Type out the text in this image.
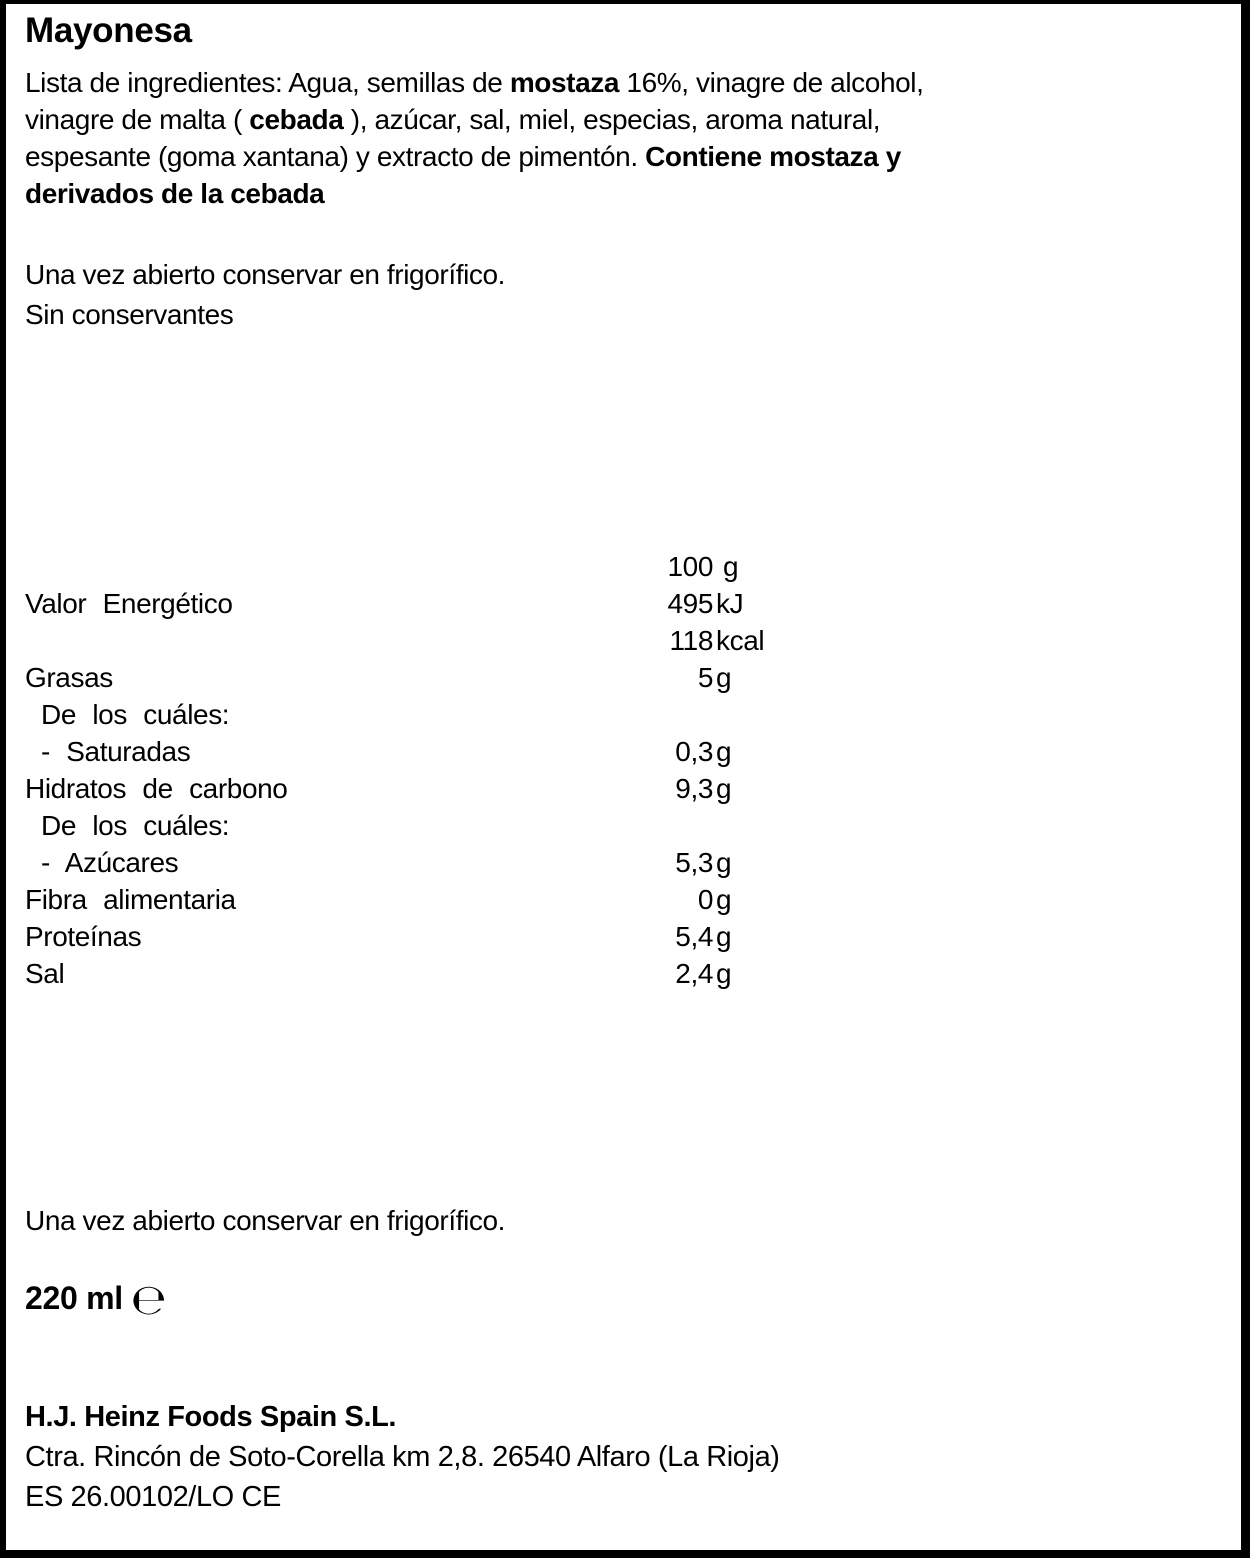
Mayonesa
Lista de ingredientes: Agua, semillas de mostaza 16%, vinagre de alcohol,
vinagre de malta ( cebada ), azúcar, sal, miel, especias, aroma natural,
espesante (goma xantana) y extracto de pimentón. Contiene mostaza y
derivados de la cebada
Una vez abierto conservar en frigorífico.
Sin conservantes
100 g
Valor Energético	495 kJ
118 kcal
Grasas	5 g
De los cuáles:
- Saturadas	0,3 g
Hidratos de carbono	9,3 g
De los cuáles:
- Azúcares	5,3 g
Fibra alimentaria	0 g
Proteínas	5,4 g
Sal	2,4 g
Una vez abierto conservar en frigorífico.
220 ml ℮
H.J. Heinz Foods Spain S.L.
Ctra. Rincón de Soto-Corella km 2,8. 26540 Alfaro (La Rioja)
ES 26.00102/LO CE
